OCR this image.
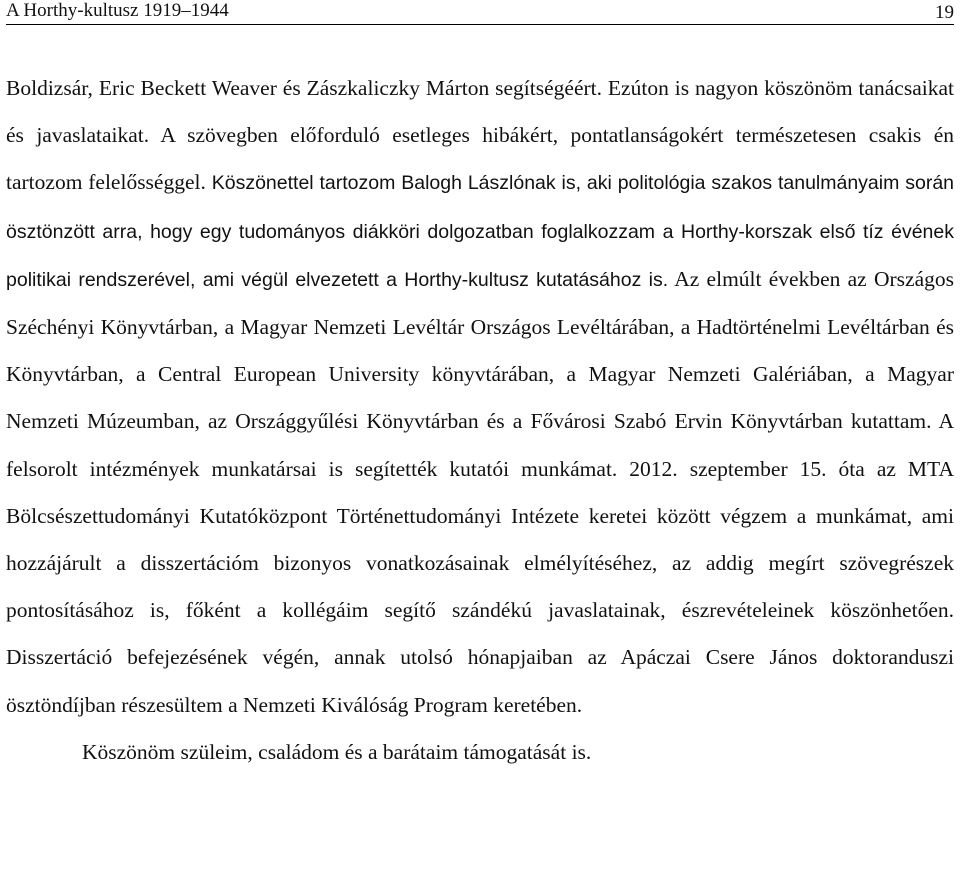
A Horthy-kultusz 1919–1944	19

Boldizsár, Eric Beckett Weaver és Zászkaliczky Márton segítségéért. Ezúton is nagyon köszönöm tanácsaikat és javaslataikat. A szövegben előforduló esetleges hibákért, pontatlanságokért természetesen csakis én tartozom felelősséggel. Köszönettel tartozom Balogh Lászlónak is, aki politológia szakos tanulmányaim során ösztönzött arra, hogy egy tudományos diákköri dolgozatban foglalkozzam a Horthy-korszak első tíz évének politikai rendszerével, ami végül elvezetett a Horthy-kultusz kutatásához is. Az elmúlt években az Országos Széchényi Könyvtárban, a Magyar Nemzeti Levéltár Országos Levéltárában, a Hadtörténelmi Levéltárban és Könyvtárban, a Central European University könyvtárában, a Magyar Nemzeti Galériában, a Magyar Nemzeti Múzeumban, az Országgyűlési Könyvtárban és a Fővárosi Szabó Ervin Könyvtárban kutattam. A felsorolt intézmények munkatársai is segítették kutatói munkámat. 2012. szeptember 15. óta az MTA Bölcsészettudományi Kutatóközpont Történettudományi Intézete keretei között végzem a munkámat, ami hozzájárult a disszertációm bizonyos vonatkozásainak elmélyítéséhez, az addig megírt szövegrészek pontosításához is, főként a kollégáim segítő szándékú javaslatainak, észrevételeinek köszönhetően. Disszertáció befejezésének végén, annak utolsó hónapjaiban az Apáczai Csere János doktoranduszi ösztöndíjban részesültem a Nemzeti Kiválóság Program keretében.

Köszönöm szüleim, családom és a barátaim támogatását is.
